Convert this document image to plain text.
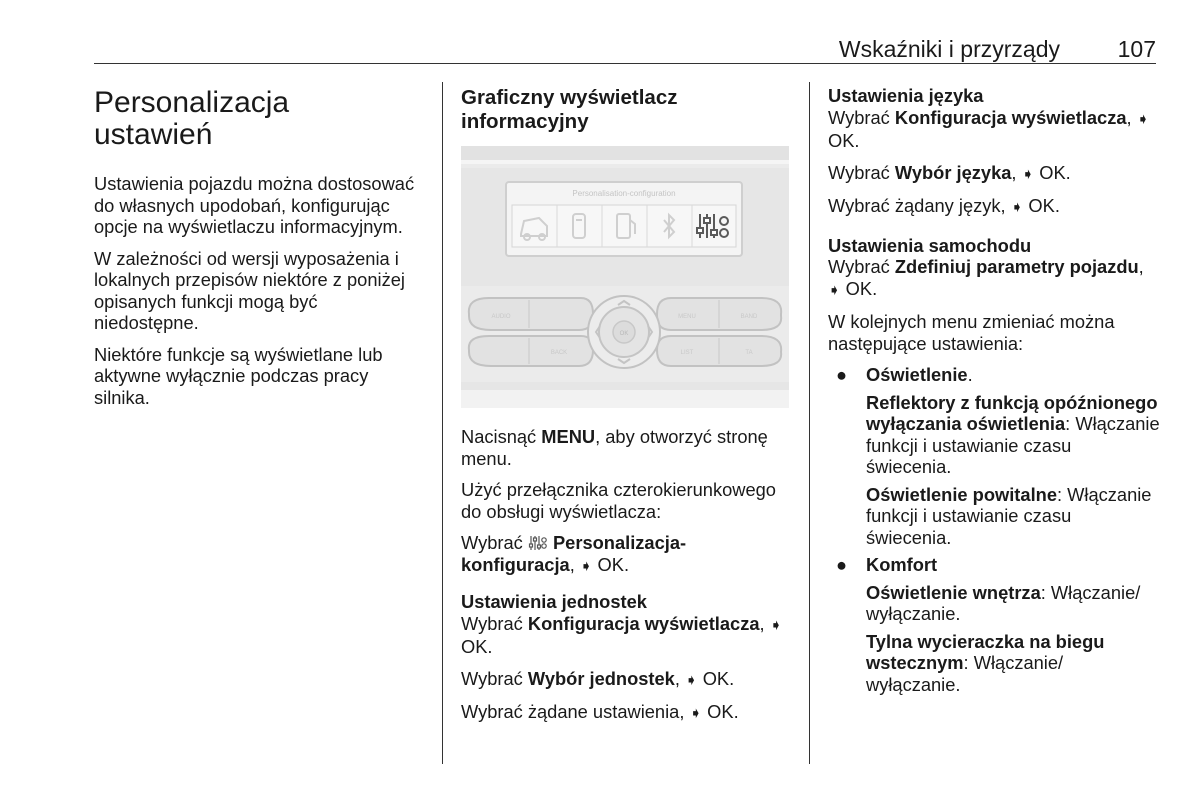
Wskaźniki i przyrządy	107
Personalizacja
ustawień

Ustawienia pojazdu można dostosować do własnych upodobań, konfigurując opcje na wyświetlaczu informacyjnym.

W zależności od wersji wyposażenia i lokalnych przepisów niektóre z poniżej opisanych funkcji mogą być niedostępne.

Niektóre funkcje są wyświetlane lub aktywne wyłącznie podczas pracy silnika.

Graficzny wyświetlacz
informacyjny
Personalisation-configuration
AUDIO
BACK
MENU	BAND
LIST	TA
OK

Nacisnąć MENU, aby otworzyć stronę menu.

Użyć przełącznika czterokierunkowego do obsługi wyświetlacza:

Wybrać  Personalizacja-konfiguracja, ➧ OK.

Ustawienia jednostek

Wybrać Konfiguracja wyświetlacza, ➧ OK.

Wybrać Wybór jednostek, ➧ OK.

Wybrać żądane ustawienia, ➧ OK.

Ustawienia języka

Wybrać Konfiguracja wyświetlacza, ➧ OK.

Wybrać Wybór języka, ➧ OK.

Wybrać żądany język, ➧ OK.

Ustawienia samochodu

Wybrać Zdefiniuj parametry pojazdu, ➧ OK.

W kolejnych menu zmieniać można następujące ustawienia:

● Oświetlenie.
Reflektory z funkcją opóźnionego wyłączania oświetlenia: Włączanie funkcji i ustawianie czasu świecenia.
Oświetlenie powitalne: Włączanie funkcji i ustawianie czasu świecenia.
● Komfort
Oświetlenie wnętrza: Włączanie/ wyłączanie.
Tylna wycieraczka na biegu wstecznym: Włączanie/ wyłączanie.
